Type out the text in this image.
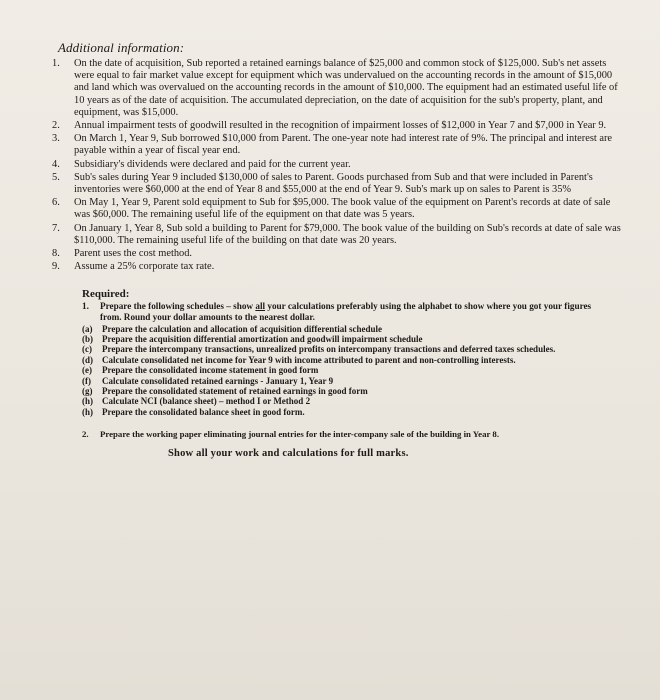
Additional information:
1.	On the date of acquisition, Sub reported a retained earnings balance of $25,000 and common stock of $125,000. Sub's net assets were equal to fair market value except for equipment which was undervalued on the accounting records in the amount of $15,000 and land which was overvalued on the accounting records in the amount of $10,000. The equipment had an estimated useful life of 10 years as of the date of acquisition. The accumulated depreciation, on the date of acquisition for the sub's property, plant, and equipment, was $15,000.
2.	Annual impairment tests of goodwill resulted in the recognition of impairment losses of $12,000 in Year 7 and $7,000 in Year 9.
3.	On March 1, Year 9, Sub borrowed $10,000 from Parent. The one-year note had interest rate of 9%. The principal and interest are payable within a year of fiscal year end.
4.	Subsidiary's dividends were declared and paid for the current year.
5.	Sub's sales during Year 9 included $130,000 of sales to Parent. Goods purchased from Sub and that were included in Parent's inventories were $60,000 at the end of Year 8 and $55,000 at the end of Year 9. Sub's mark up on sales to Parent is 35%
6.	On May 1, Year 9, Parent sold equipment to Sub for $95,000. The book value of the equipment on Parent's records at date of sale was $60,000. The remaining useful life of the equipment on that date was 5 years.
7.	On January 1, Year 8, Sub sold a building to Parent for $79,000. The book value of the building on Sub's records at date of sale was $110,000. The remaining useful life of the building on that date was 20 years.
8.	Parent uses the cost method.
9.	Assume a 25% corporate tax rate.
Required:
1.	Prepare the following schedules – show all your calculations preferably using the alphabet to show where you got your figures from. Round your dollar amounts to the nearest dollar.
(a)	Prepare the calculation and allocation of acquisition differential schedule
(b)	Prepare the acquisition differential amortization and goodwill impairment schedule
(c)	Prepare the intercompany transactions, unrealized profits on intercompany transactions and deferred taxes schedules.
(d)	Calculate consolidated net income for Year 9 with income attributed to parent and non-controlling interests.
(e)	Prepare the consolidated income statement in good form
(f)	Calculate consolidated retained earnings - January 1, Year 9
(g)	Prepare the consolidated statement of retained earnings in good form
(h)	Calculate NCI (balance sheet) – method I or Method 2
(h)	Prepare the consolidated balance sheet in good form.
2.	Prepare the working paper eliminating journal entries for the inter-company sale of the building in Year 8.
Show all your work and calculations for full marks.
